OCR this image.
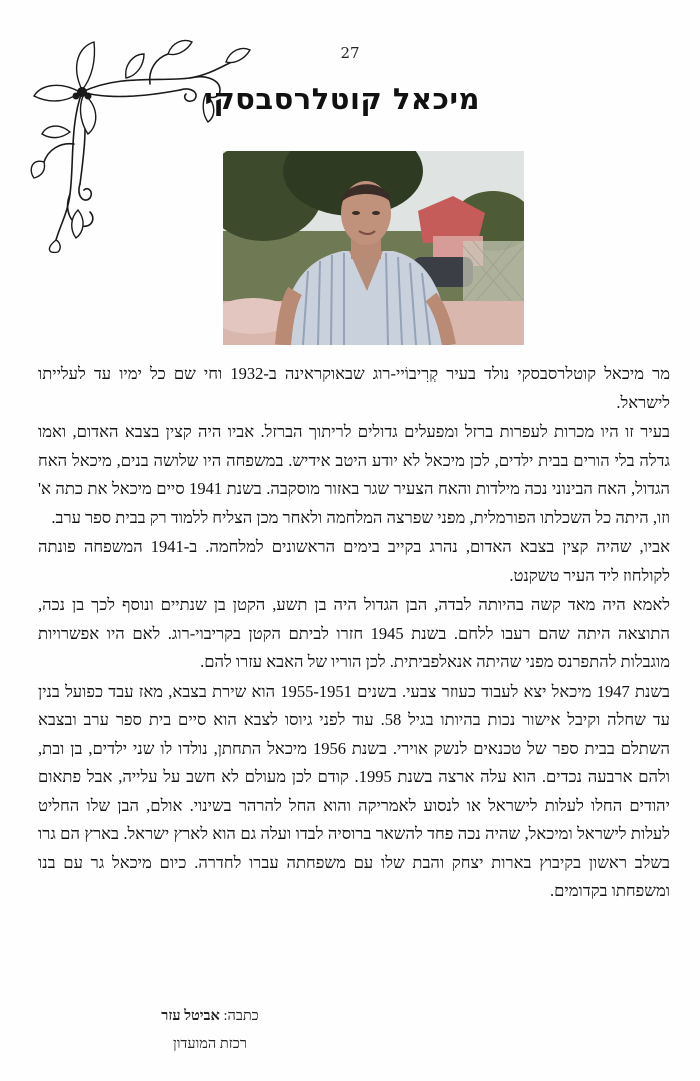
27
מיכאל קוטלרסבסקי

מר מיכאל קוטלרסבסקי נולד בעיר קְרִיבוֹיי-רוג שבאוקראינה ב-1932 וחי שם כל ימיו עד לעלייתו לישראל.

בעיר זו היו מכרות לעפרות ברזל ומפעלים גדולים לריתוך הברזל. אביו היה קצין בצבא האדום, ואמו גדלה בלי הורים בבית ילדים, לכן מיכאל לא יודע היטב אידיש. במשפחה היו שלושה בנים, מיכאל האח הגדול, האח הבינוני נכה מילדות והאח הצעיר שגר באזור מוסקבה. בשנת 1941 סיים מיכאל את כתה א' וזו, היתה כל השכלתו הפורמלית, מפני שפרצה המלחמה ולאחר מכן הצליח ללמוד רק בבית ספר ערב.

אביו, שהיה קצין בצבא האדום, נהרג בקייב בימים הראשונים למלחמה. ב-1941 המשפחה פונתה לקולחוז ליד העיר טשקנט.

לאמא היה מאד קשה בהיותה לבדה, הבן הגדול היה בן תשע, הקטן בן שנתיים ונוסף לכך בן נכה, התוצאה היתה שהם רעבו ללחם. בשנת 1945 חזרו לביתם הקטן בקריבוי-רוג. לאם היו אפשרויות מוגבלות להתפרנס מפני שהיתה אנאלפביתית. לכן הוריו של האבא עזרו להם.

בשנת 1947 מיכאל יצא לעבוד כעוזר צבעי. בשנים 1955-1951 הוא שירת בצבא, מאז עבד כפועל בנין עד שחלה וקיבל אישור נכות בהיותו בגיל 58. עוד לפני גיוסו לצבא הוא סיים בית ספר ערב ובצבא השתלם בבית ספר של טכנאים לנשק אוירי. בשנת 1956 מיכאל התחתן, נולדו לו שני ילדים, בן ובת, ולהם ארבעה נכדים. הוא עלה ארצה בשנת 1995. קודם לכן מעולם לא חשב על עלייה, אבל פתאום יהודים החלו לעלות לישראל או לנסוע לאמריקה והוא החל להרהר בשינוי. אולם, הבן שלו החליט לעלות לישראל ומיכאל, שהיה נכה פחד להשאר ברוסיה לבדו ועלה גם הוא לארץ ישראל. בארץ הם גרו בשלב ראשון בקיבוץ בארות יצחק והבת שלו עם משפחתה עברו לחדרה. כיום מיכאל גר עם בנו ומשפחתו בקדומים.

כתבה: אביטל עזר
רכזת המועדון
